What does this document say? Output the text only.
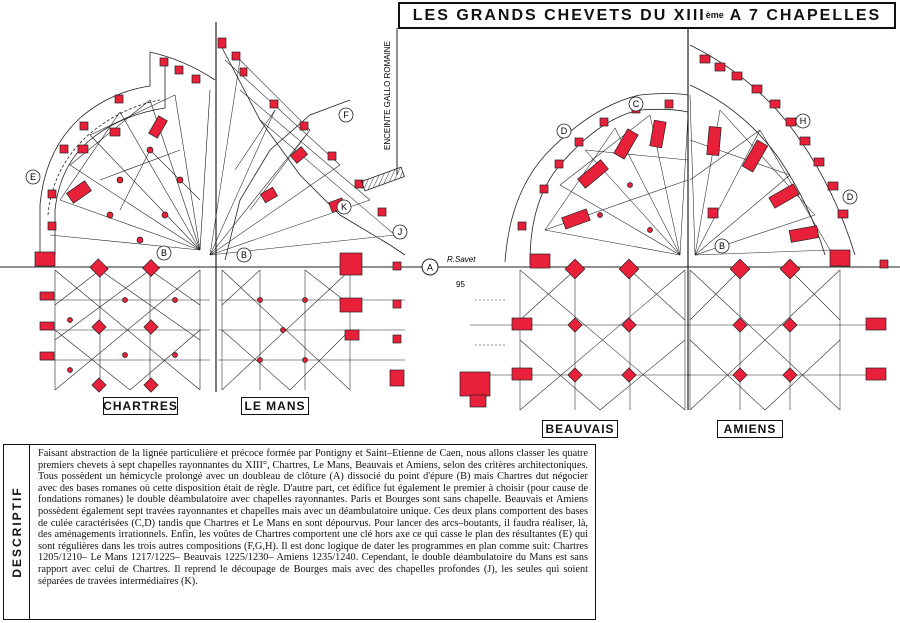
E
B
F
K
J
B
ENCEINTE GALLO ROMAINE
A
D
C
R.Savet
95
H
D
B
LES GRANDS CHEVETS DU XIII ème A 7 CHAPELLES
CHARTRES	LE MANS
BEAUVAIS	AMIENS
DESCRIPTIF
Faisant abstraction de la lignée particulière et précoce formée par Pontigny et Saint–Etienne de Caen, nous allons classer les quatre premiers chevets à sept chapelles rayonnantes du XIII°, Chartres, Le Mans, Beauvais et Amiens, selon des critères architectoniques. Tous possèdent un hémicycle prolongé avec un doubleau de clôture (A) dissocié du point d'épure (B) mais Chartres dut négocier avec des bases romanes où cette disposition était de règle. D'autre part, cet édifice fut également le premier à choisir (pour cause de fondations romanes) le double déambulatoire avec chapelles rayonnantes. Paris et Bourges sont sans chapelle. Beauvais et Amiens possèdent également sept travées rayonnantes et chapelles mais avec un déambulatoire unique. Ces deux plans comportent des bases de culée caractérisées (C,D) tandis que Chartres et Le Mans en sont dépourvus. Pour lancer des arcs–boutants, il faudra réaliser, là, des aménagements irrationnels. Enfin, les voûtes de Chartres comportent une clé hors axe ce qui casse le plan des résultantes (E) qui sont régulières dans les trois autres compositions (F,G,H). Il est donc logique de dater les programmes en plan comme suit: Chartres 1205/1210– Le Mans 1217/1225– Beauvais 1225/1230– Amiens 1235/1240. Cependant, le double déambulatoire du Mans est sans rapport avec celui de Chartres. Il reprend le découpage de Bourges mais avec des chapelles profondes (J), les seules qui soient séparées de travées intermédiaires (K).
